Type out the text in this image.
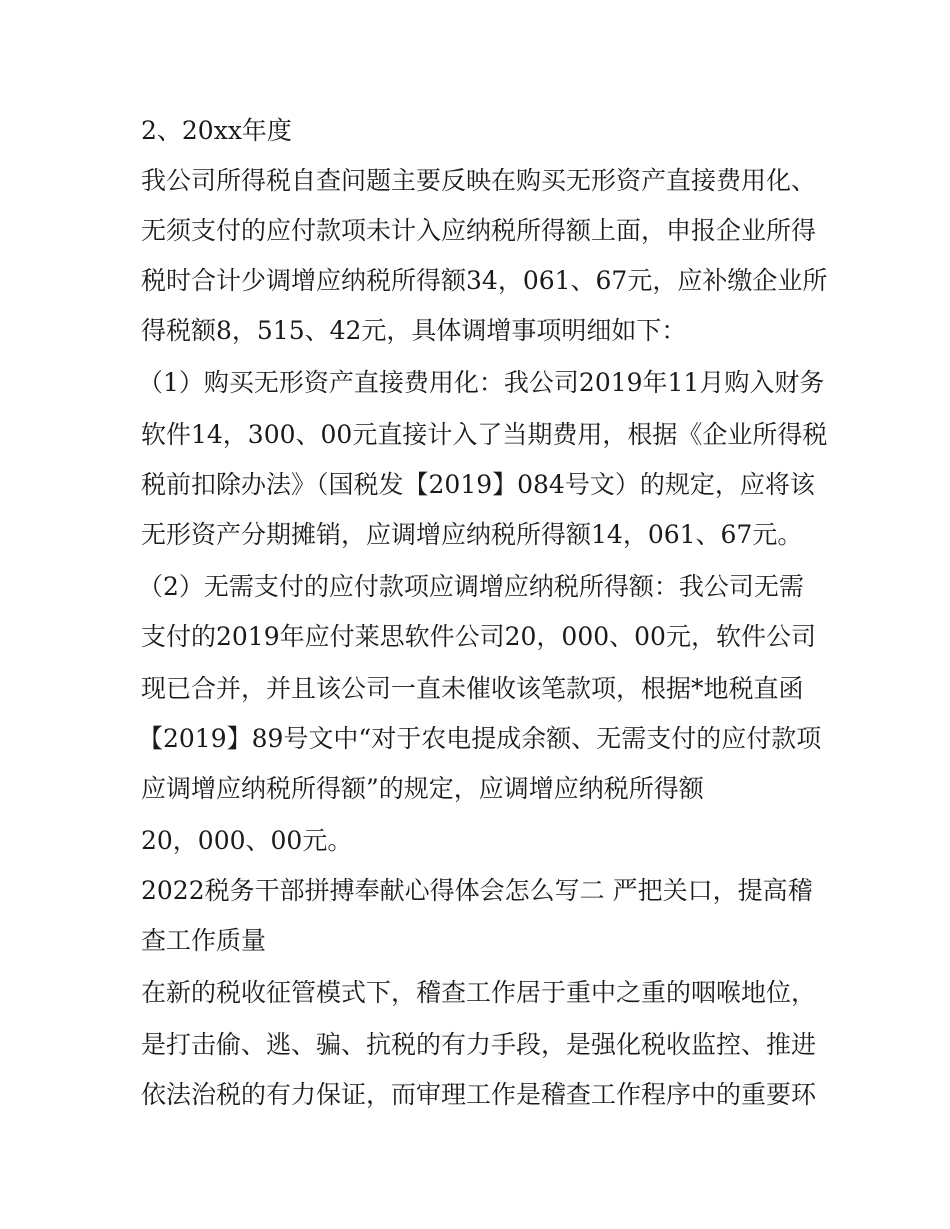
2、20xx年度
我公司所得税自查问题主要反映在购买无形资产直接费用化、
无须支付的应付款项未计入应纳税所得额上面，申报企业所得
税时合计少调增应纳税所得额34，061、67元，应补缴企业所
得税额8，515、42元，具体调增事项明细如下：
（1）购买无形资产直接费用化：我公司2019年11月购入财务
软件14，300、00元直接计入了当期费用，根据《企业所得税
税前扣除办法》（国税发【2019】084号文）的规定，应将该
无形资产分期摊销，应调增应纳税所得额14，061、67元。
（2）无需支付的应付款项应调增应纳税所得额：我公司无需
支付的2019年应付莱思软件公司20，000、00元，软件公司
现已合并，并且该公司一直未催收该笔款项，根据*地税直函
【2019】89号文中“对于农电提成余额、无需支付的应付款项
应调增应纳税所得额”的规定，应调增应纳税所得额
20，000、00元。
2022税务干部拼搏奉献心得体会怎么写二 严把关口，提高稽
查工作质量
在新的税收征管模式下，稽查工作居于重中之重的咽喉地位，
是打击偷、逃、骗、抗税的有力手段，是强化税收监控、推进
依法治税的有力保证，而审理工作是稽查工作程序中的重要环
